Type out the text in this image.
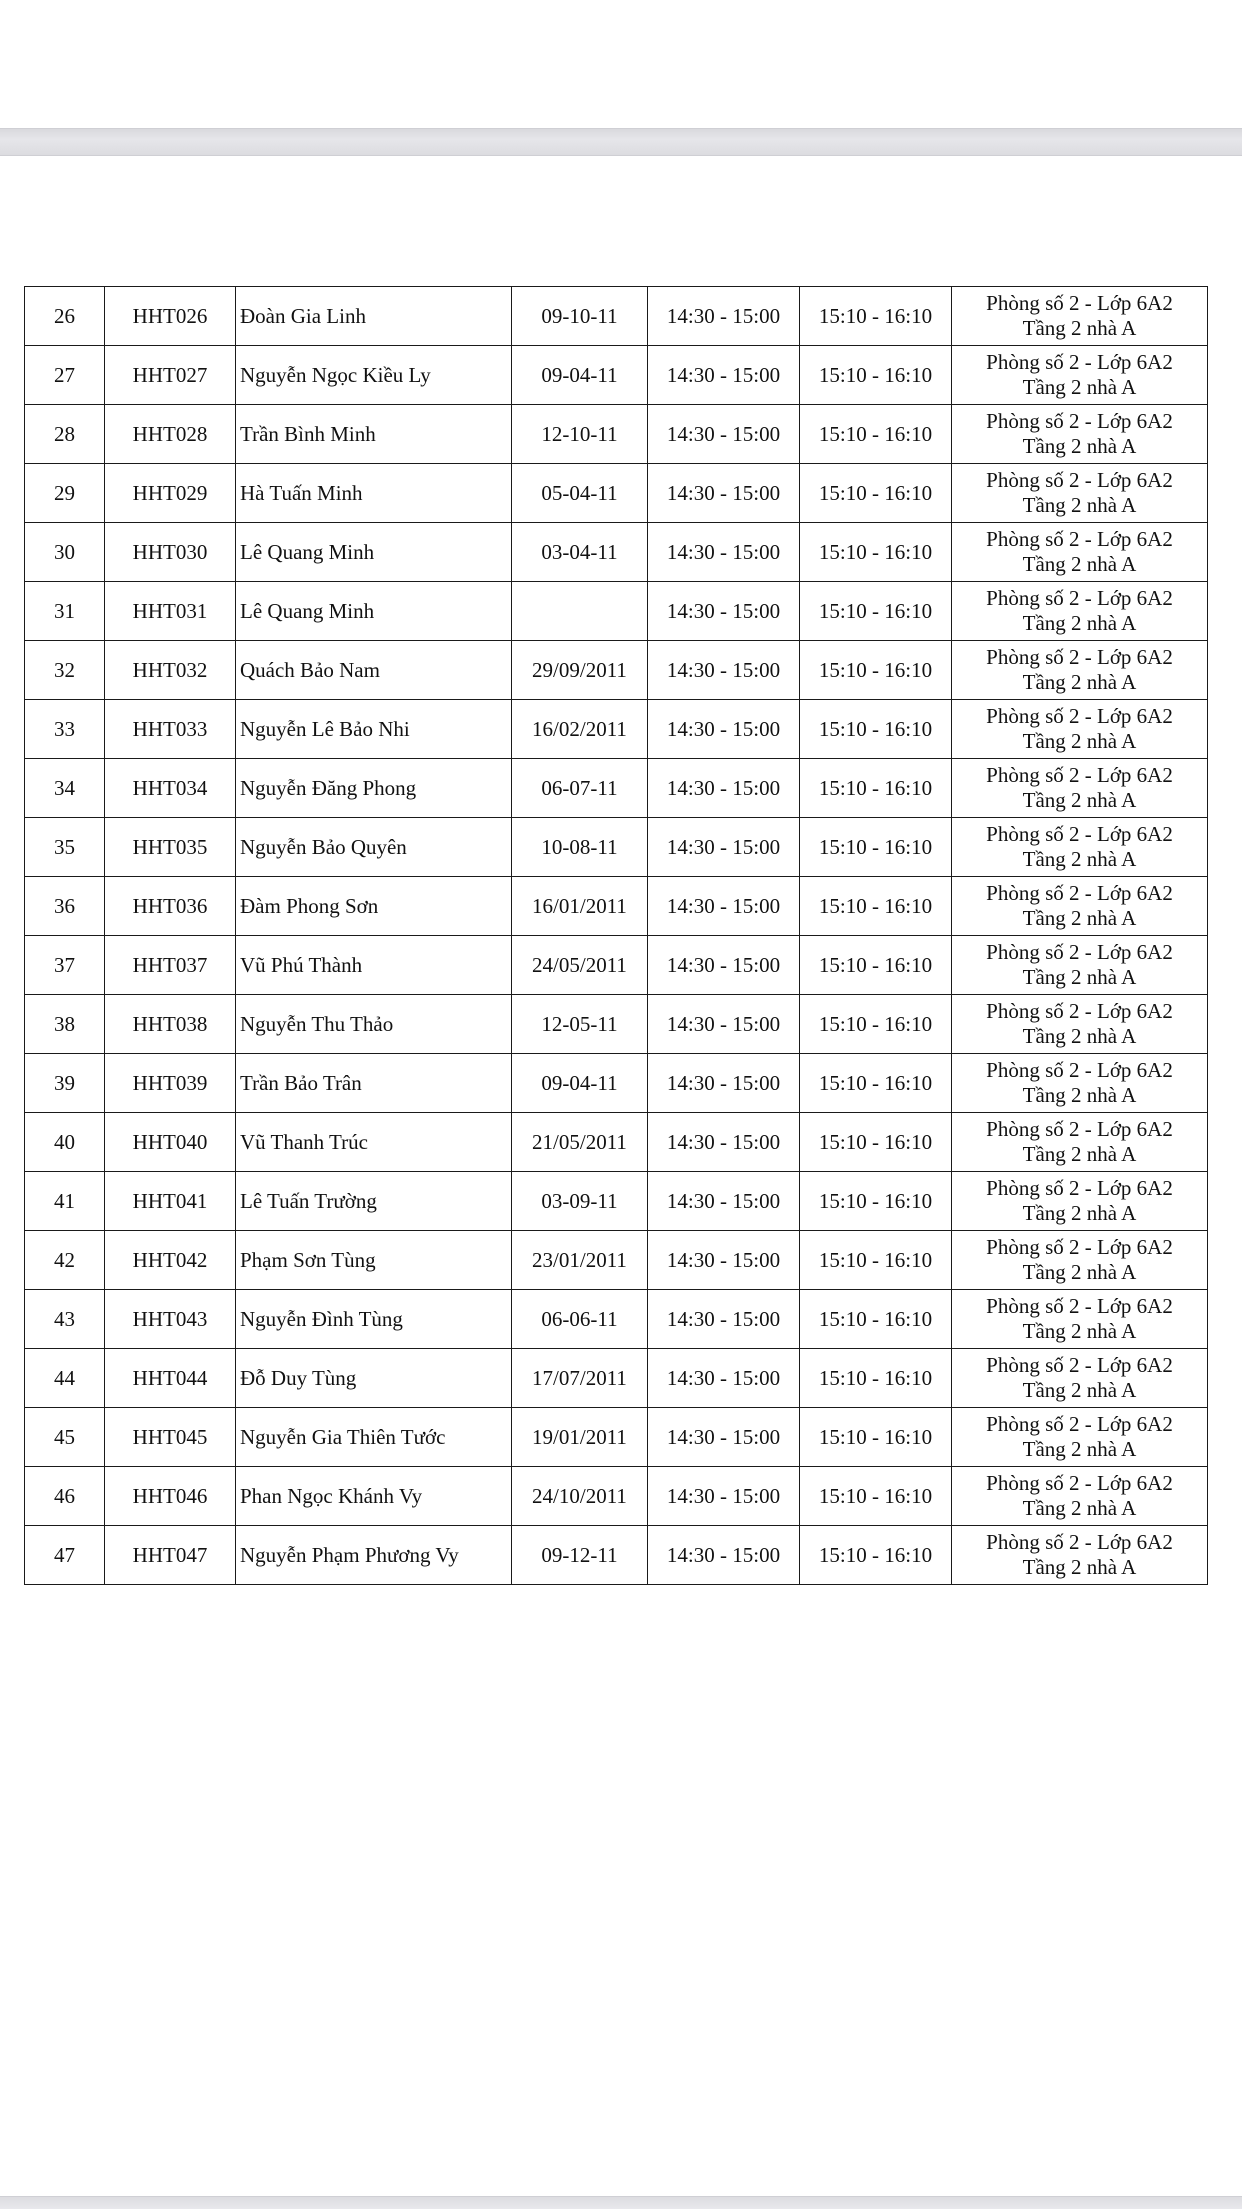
26	HHT026	Đoàn Gia Linh	09-10-11	14:30 - 15:00	15:10 - 16:10	Phòng số 2 - Lớp 6A2
Tầng 2 nhà A

27	HHT027	Nguyễn Ngọc Kiều Ly	09-04-11	14:30 - 15:00	15:10 - 16:10	Phòng số 2 - Lớp 6A2
Tầng 2 nhà A

28	HHT028	Trần Bình Minh	12-10-11	14:30 - 15:00	15:10 - 16:10	Phòng số 2 - Lớp 6A2
Tầng 2 nhà A

29	HHT029	Hà Tuấn Minh	05-04-11	14:30 - 15:00	15:10 - 16:10	Phòng số 2 - Lớp 6A2
Tầng 2 nhà A

30	HHT030	Lê Quang Minh	03-04-11	14:30 - 15:00	15:10 - 16:10	Phòng số 2 - Lớp 6A2
Tầng 2 nhà A

31	HHT031	Lê Quang Minh		14:30 - 15:00	15:10 - 16:10	Phòng số 2 - Lớp 6A2
Tầng 2 nhà A

32	HHT032	Quách Bảo Nam	29/09/2011	14:30 - 15:00	15:10 - 16:10	Phòng số 2 - Lớp 6A2
Tầng 2 nhà A

33	HHT033	Nguyễn Lê Bảo Nhi	16/02/2011	14:30 - 15:00	15:10 - 16:10	Phòng số 2 - Lớp 6A2
Tầng 2 nhà A

34	HHT034	Nguyễn Đăng Phong	06-07-11	14:30 - 15:00	15:10 - 16:10	Phòng số 2 - Lớp 6A2
Tầng 2 nhà A

35	HHT035	Nguyễn Bảo Quyên	10-08-11	14:30 - 15:00	15:10 - 16:10	Phòng số 2 - Lớp 6A2
Tầng 2 nhà A

36	HHT036	Đàm Phong Sơn	16/01/2011	14:30 - 15:00	15:10 - 16:10	Phòng số 2 - Lớp 6A2
Tầng 2 nhà A

37	HHT037	Vũ Phú Thành	24/05/2011	14:30 - 15:00	15:10 - 16:10	Phòng số 2 - Lớp 6A2
Tầng 2 nhà A

38	HHT038	Nguyễn Thu Thảo	12-05-11	14:30 - 15:00	15:10 - 16:10	Phòng số 2 - Lớp 6A2
Tầng 2 nhà A

39	HHT039	Trần Bảo Trân	09-04-11	14:30 - 15:00	15:10 - 16:10	Phòng số 2 - Lớp 6A2
Tầng 2 nhà A

40	HHT040	Vũ Thanh Trúc	21/05/2011	14:30 - 15:00	15:10 - 16:10	Phòng số 2 - Lớp 6A2
Tầng 2 nhà A

41	HHT041	Lê Tuấn Trường	03-09-11	14:30 - 15:00	15:10 - 16:10	Phòng số 2 - Lớp 6A2
Tầng 2 nhà A

42	HHT042	Phạm Sơn Tùng	23/01/2011	14:30 - 15:00	15:10 - 16:10	Phòng số 2 - Lớp 6A2
Tầng 2 nhà A

43	HHT043	Nguyễn Đình Tùng	06-06-11	14:30 - 15:00	15:10 - 16:10	Phòng số 2 - Lớp 6A2
Tầng 2 nhà A

44	HHT044	Đỗ Duy Tùng	17/07/2011	14:30 - 15:00	15:10 - 16:10	Phòng số 2 - Lớp 6A2
Tầng 2 nhà A

45	HHT045	Nguyễn Gia Thiên Tước	19/01/2011	14:30 - 15:00	15:10 - 16:10	Phòng số 2 - Lớp 6A2
Tầng 2 nhà A

46	HHT046	Phan Ngọc Khánh Vy	24/10/2011	14:30 - 15:00	15:10 - 16:10	Phòng số 2 - Lớp 6A2
Tầng 2 nhà A

47	HHT047	Nguyễn Phạm Phương Vy	09-12-11	14:30 - 15:00	15:10 - 16:10	Phòng số 2 - Lớp 6A2
Tầng 2 nhà A
